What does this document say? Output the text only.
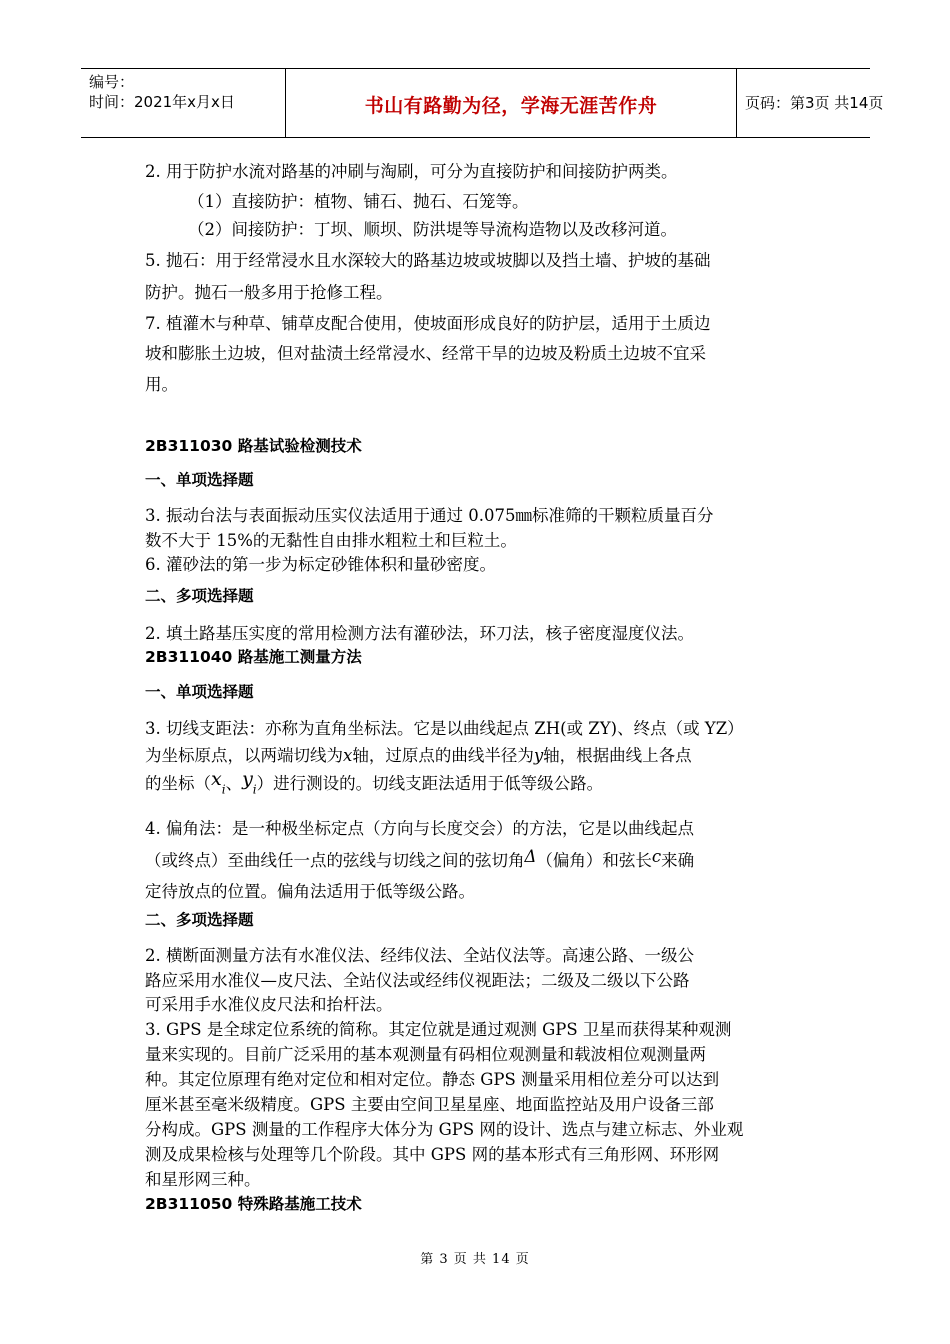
编号：
时间：2021年x月x日	书山有路勤为径，学海无涯苦作舟	页码：第3页 共14页
2. 用于防护水流对路基的冲刷与淘刷，可分为直接防护和间接防护两类。
（1）直接防护：植物、铺石、抛石、石笼等。
（2）间接防护：丁坝、顺坝、防洪堤等导流构造物以及改移河道。
5. 抛石：用于经常浸水且水深较大的路基边坡或坡脚以及挡土墙、护坡的基础
防护。抛石一般多用于抢修工程。
7. 植灌木与种草、铺草皮配合使用，使坡面形成良好的防护层，适用于土质边
坡和膨胀土边坡，但对盐渍土经常浸水、经常干旱的边坡及粉质土边坡不宜采
用。
2B311030 路基试验检测技术
一、单项选择题
3. 振动台法与表面振动压实仪法适用于通过 0.075㎜标准筛的干颗粒质量百分
数不大于 15%的无黏性自由排水粗粒土和巨粒土。
6. 灌砂法的第一步为标定砂锥体积和量砂密度。
二、多项选择题
2. 填土路基压实度的常用检测方法有灌砂法，环刀法，核子密度湿度仪法。
2B311040 路基施工测量方法
一、单项选择题
3. 切线支距法：亦称为直角坐标法。它是以曲线起点 ZH(或 ZY)、终点（或 YZ）
为坐标原点，以两端切线为x轴，过原点的曲线半径为y轴，根据曲线上各点
的坐标（$x_i$、$y_i$）进行测设的。切线支距法适用于低等级公路。
4. 偏角法：是一种极坐标定点（方向与长度交会）的方法，它是以曲线起点
（或终点）至曲线任一点的弦线与切线之间的弦切角Δ（偏角）和弦长c来确
定待放点的位置。偏角法适用于低等级公路。
二、多项选择题
2. 横断面测量方法有水准仪法、经纬仪法、全站仪法等。高速公路、一级公
路应采用水准仪—皮尺法、全站仪法或经纬仪视距法；二级及二级以下公路
可采用手水准仪皮尺法和抬杆法。
3. GPS 是全球定位系统的简称。其定位就是通过观测 GPS 卫星而获得某种观测
量来实现的。目前广泛采用的基本观测量有码相位观测量和载波相位观测量两
种。其定位原理有绝对定位和相对定位。静态 GPS 测量采用相位差分可以达到
厘米甚至毫米级精度。GPS 主要由空间卫星星座、地面监控站及用户设备三部
分构成。GPS 测量的工作程序大体分为 GPS 网的设计、选点与建立标志、外业观
测及成果检核与处理等几个阶段。其中 GPS 网的基本形式有三角形网、环形网
和星形网三种。
2B311050 特殊路基施工技术
第 3 页 共 14 页
